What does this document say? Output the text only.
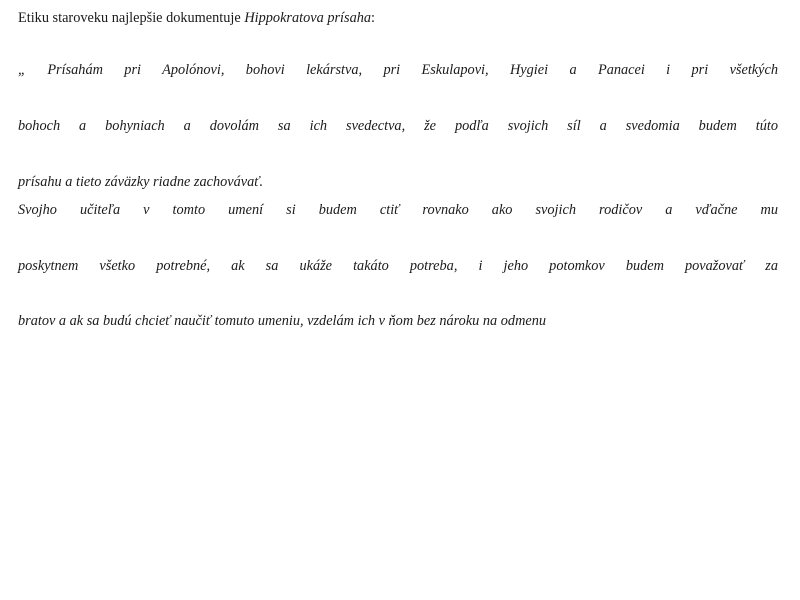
Etiku staroveku najlepšie dokumentuje Hippokratova prísaha:

„ Prísahám pri Apolónovi, bohovi lekárstva, pri Eskulapovi, Hygiei a Panacei i pri všetkých
bohoch a bohyniach a dovolám sa ich svedectva, že podľa svojich síl a svedomia budem túto
prísahu a tieto záväzky riadne zachovávať.
Svojho učiteľa v tomto umení si budem ctiť rovnako ako svojich rodičov a vďačne mu
poskytnem všetko potrebné, ak sa ukáže takáto potreba, i jeho potomkov budem považovať za
bratov a ak sa budú chcieť naučiť tomuto umeniu, vzdelám ich v ňom bez nároku na odmenu
